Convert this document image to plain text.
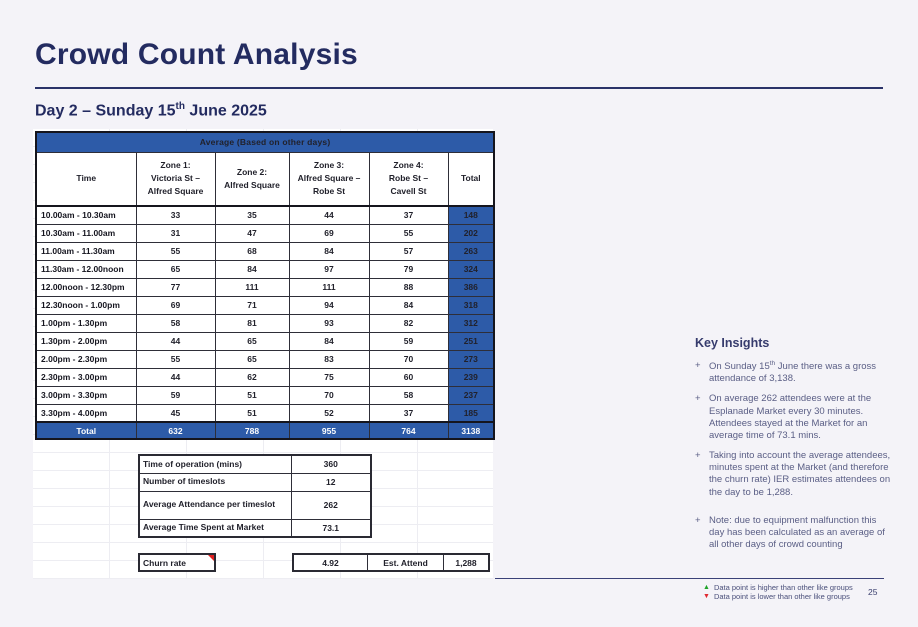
Crowd Count Analysis
Day 2 – Sunday 15th June 2025
Average (Based on other days)					
Time	Zone 1:
Victoria St –
Alfred Square	Zone 2:
Alfred Square	Zone 3:
Alfred Square –
Robe St	Zone 4:
Robe St –
Cavell St	Total
10.00am - 10.30am	33	35	44	37	148
10.30am - 11.00am	31	47	69	55	202
11.00am - 11.30am	55	68	84	57	263
11.30am - 12.00noon	65	84	97	79	324
12.00noon - 12.30pm	77	111	111	88	386
12.30noon - 1.00pm	69	71	94	84	318
1.00pm - 1.30pm	58	81	93	82	312
1.30pm - 2.00pm	44	65	84	59	251
2.00pm - 2.30pm	55	65	83	70	273
2.30pm - 3.00pm	44	62	75	60	239
3.00pm - 3.30pm	59	51	70	58	237
3.30pm - 4.00pm	45	51	52	37	185
Total	632	788	955	764	3138
Time of operation (mins)	360
Number of timeslots	12
Average Attendance per timeslot	262
Average Time Spent at Market	73.1
Churn rate	4.92	Est. Attend	1,288
Key Insights
+ On Sunday 15th June there was a gross attendance of 3,138.
+ On average 262 attendees were at the Esplanade Market every 30 minutes. Attendees stayed at the Market for an average time of 73.1 mins.
+ Taking into account the average attendees, minutes spent at the Market (and therefore the churn rate) IER estimates attendees on the day to be 1,288.
+ Note: due to equipment malfunction this day has been calculated as an average of all other days of crowd counting
▲ Data point is higher than other like groups
▼ Data point is lower than other like groups 25
